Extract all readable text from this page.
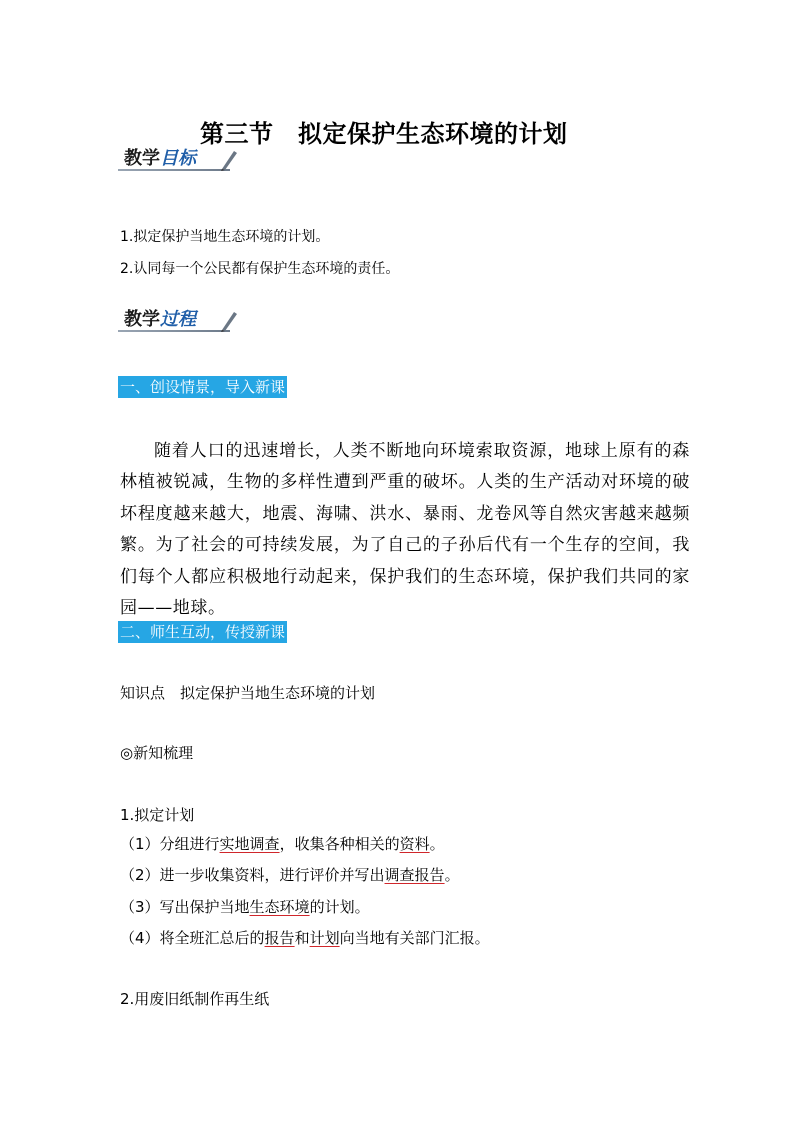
第三节　拟定保护生态环境的计划
教学目标
1.拟定保护当地生态环境的计划。
2.认同每一个公民都有保护生态环境的责任。
教学过程
一、创设情景，导入新课
随着人口的迅速增长，人类不断地向环境索取资源，地球上原有的森林植被锐减，生物的多样性遭到严重的破坏。人类的生产活动对环境的破坏程度越来越大，地震、海啸、洪水、暴雨、龙卷风等自然灾害越来越频繁。为了社会的可持续发展，为了自己的子孙后代有一个生存的空间，我们每个人都应积极地行动起来，保护我们的生态环境，保护我们共同的家园——地球。
二、师生互动，传授新课
知识点　拟定保护当地生态环境的计划
◎新知梳理
1.拟定计划
（1）分组进行实地调查，收集各种相关的资料。
（2）进一步收集资料，进行评价并写出调查报告。
（3）写出保护当地生态环境的计划。
（4）将全班汇总后的报告和计划向当地有关部门汇报。
2.用废旧纸制作再生纸
